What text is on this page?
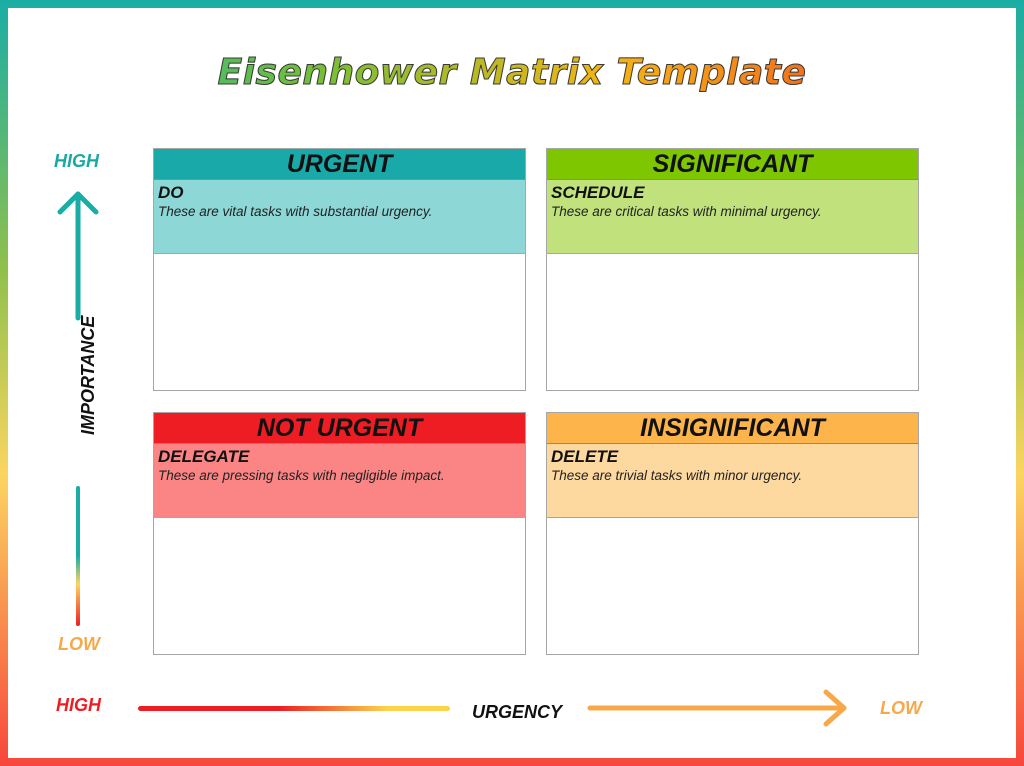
Eisenhower Matrix Template
HIGH
IMPORTANCE
LOW
URGENT
DO
These are vital tasks with substantial urgency.
SIGNIFICANT
SCHEDULE
These are critical tasks with minimal urgency.
NOT URGENT
DELEGATE
These are pressing tasks with negligible impact.
INSIGNIFICANT
DELETE
These are trivial tasks with minor urgency.
HIGH	URGENCY	LOW
